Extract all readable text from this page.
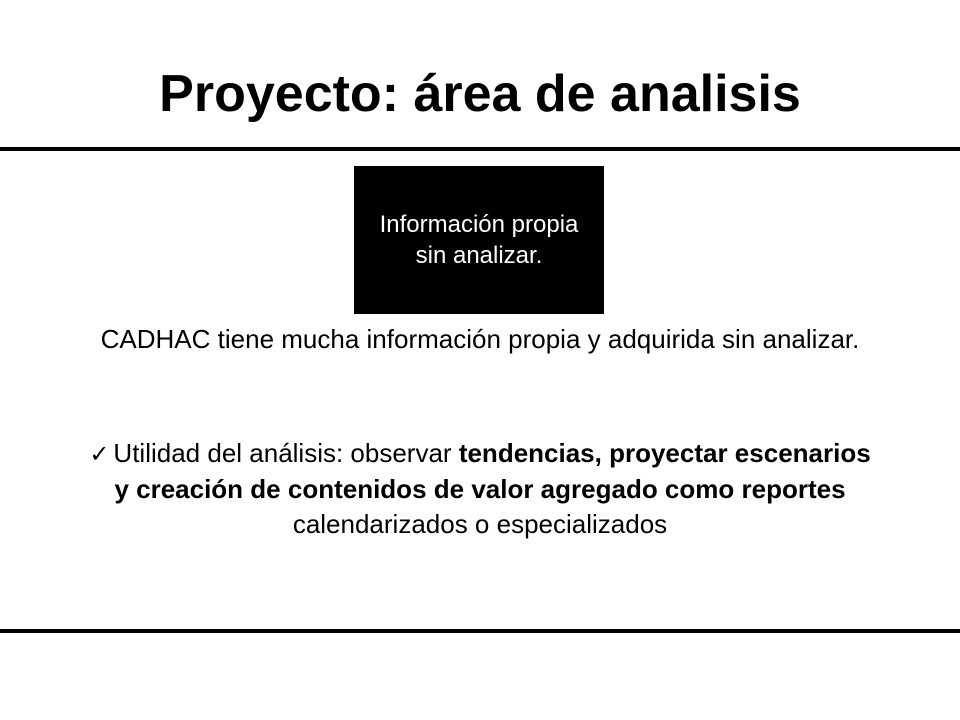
Proyecto: área de analisis
Información propia sin analizar.

CADHAC tiene mucha información propia y adquirida sin analizar.

✓ Utilidad del análisis: observar tendencias, proyectar escenarios y creación de contenidos de valor agregado como reportes calendarizados o especializados
